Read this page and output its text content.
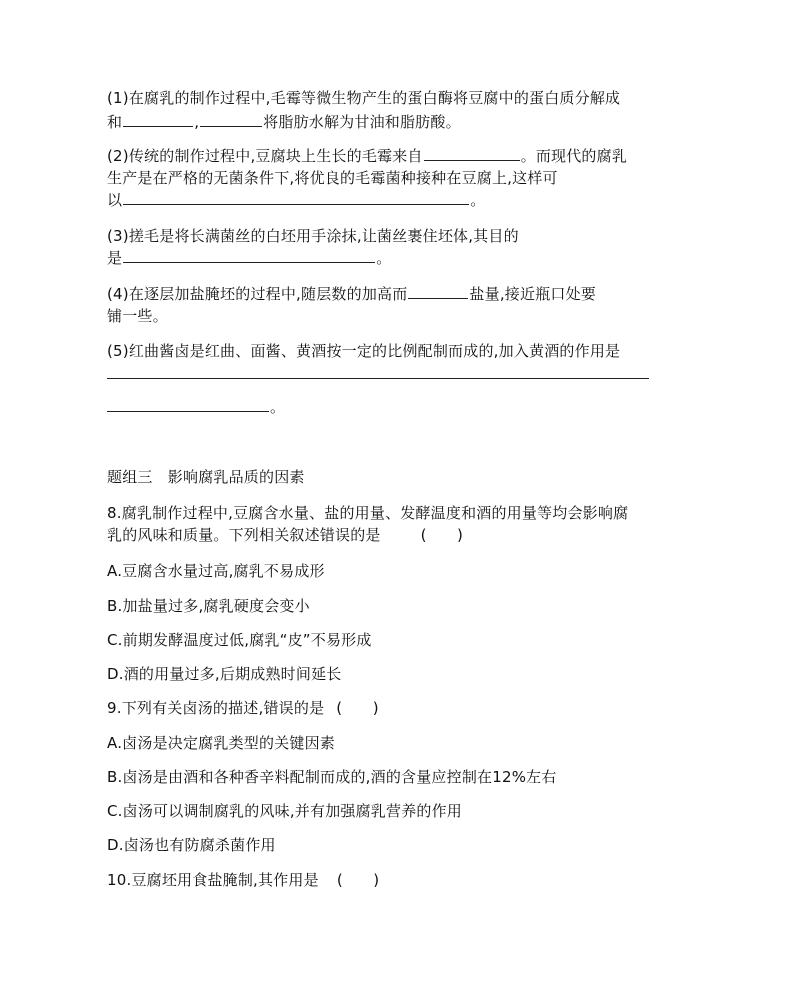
(1)在腐乳的制作过程中,毛霉等微生物产生的蛋白酶将豆腐中的蛋白质分解成
和	,	将脂肪水解为甘油和脂肪酸。
(2)传统的制作过程中,豆腐块上生长的毛霉来自	。而现代的腐乳
生产是在严格的无菌条件下,将优良的毛霉菌种接种在豆腐上,这样可
以	。
(3)搓毛是将长满菌丝的白坯用手涂抹,让菌丝裹住坯体,其目的
是	。
(4)在逐层加盐腌坯的过程中,随层数的加高而	盐量,接近瓶口处要
铺一些。
(5)红曲酱卤是红曲、面酱、黄酒按一定的比例配制而成的,加入黄酒的作用是
。
题组三　影响腐乳品质的因素
8.腐乳制作过程中,豆腐含水量、盐的用量、发酵温度和酒的用量等均会影响腐
乳的风味和质量。下列相关叙述错误的是	(　　)
A.豆腐含水量过高,腐乳不易成形
B.加盐量过多,腐乳硬度会变小
C.前期发酵温度过低,腐乳“皮”不易形成
D.酒的用量过多,后期成熟时间延长
9.下列有关卤汤的描述,错误的是 (　　)
A.卤汤是决定腐乳类型的关键因素
B.卤汤是由酒和各种香辛料配制而成的,酒的含量应控制在12%左右
C.卤汤可以调制腐乳的风味,并有加强腐乳营养的作用
D.卤汤也有防腐杀菌作用
10.豆腐坯用食盐腌制,其作用是 (　　)
